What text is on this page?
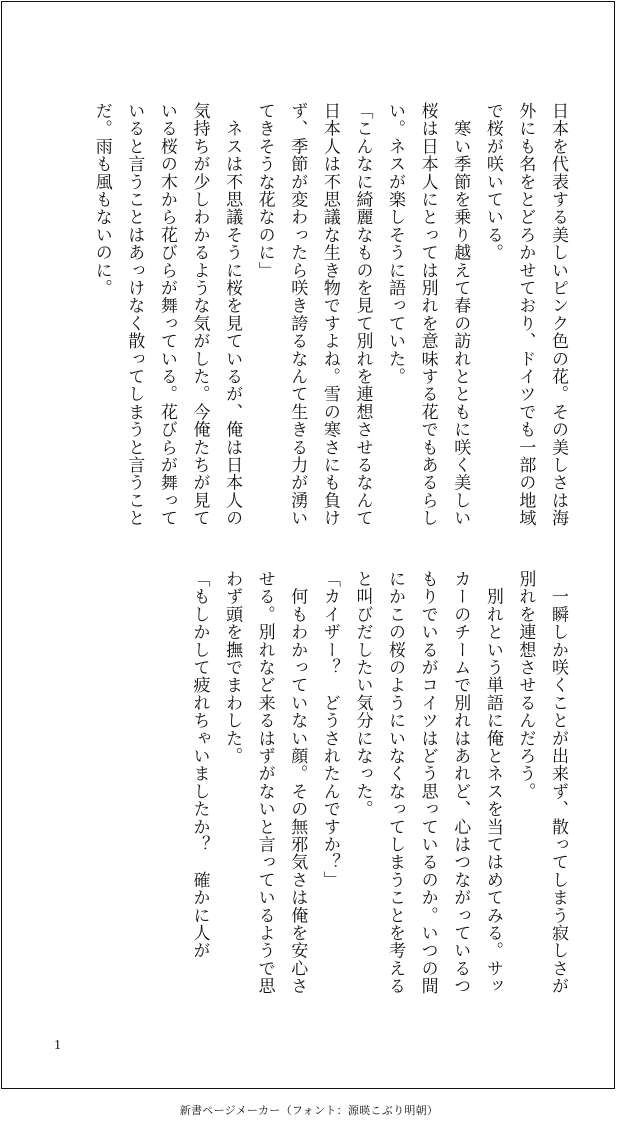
日本を代表する美しいピンク色の花。その美しさは海外にも名をとどろかせており、ドイツでも一部の地域で桜が咲いている。

　寒い季節を乗り越えて春の訪れとともに咲く美しい桜は日本人にとっては別れを意味する花でもあるらしい。ネスが楽しそうに語っていた。

「こんなに綺麗なものを見て別れを連想させるなんて日本人は不思議な生き物ですよね。雪の寒さにも負けず、季節が変わったら咲き誇るなんて生きる力が湧いてきそうな花なのに」

　ネスは不思議そうに桜を見ているが、俺は日本人の気持ちが少しわかるような気がした。今俺たちが見ている桜の木から花びらが舞っている。花びらが舞っていると言うことはあっけなく散ってしまうと言うことだ。雨も風もないのに。

　一瞬しか咲くことが出来ず、散ってしまう寂しさが別れを連想させるんだろう。

　別れという単語に俺とネスを当てはめてみる。サッカーのチームで別れはあれど、心はつながっているつもりでいるがコイツはどう思っているのか。いつの間にかこの桜のようにいなくなってしまうことを考えると叫びだしたい気分になった。

「カイザー？　どうされたんですか？」

　何もわかっていない顔。その無邪気さは俺を安心させる。別れなど来るはずがないと言っているようで思わず頭を撫でまわした。

「もしかして疲れちゃいましたか？　確かに人が

1
新書ページメーカー（フォント：源暎こぶり明朝）
